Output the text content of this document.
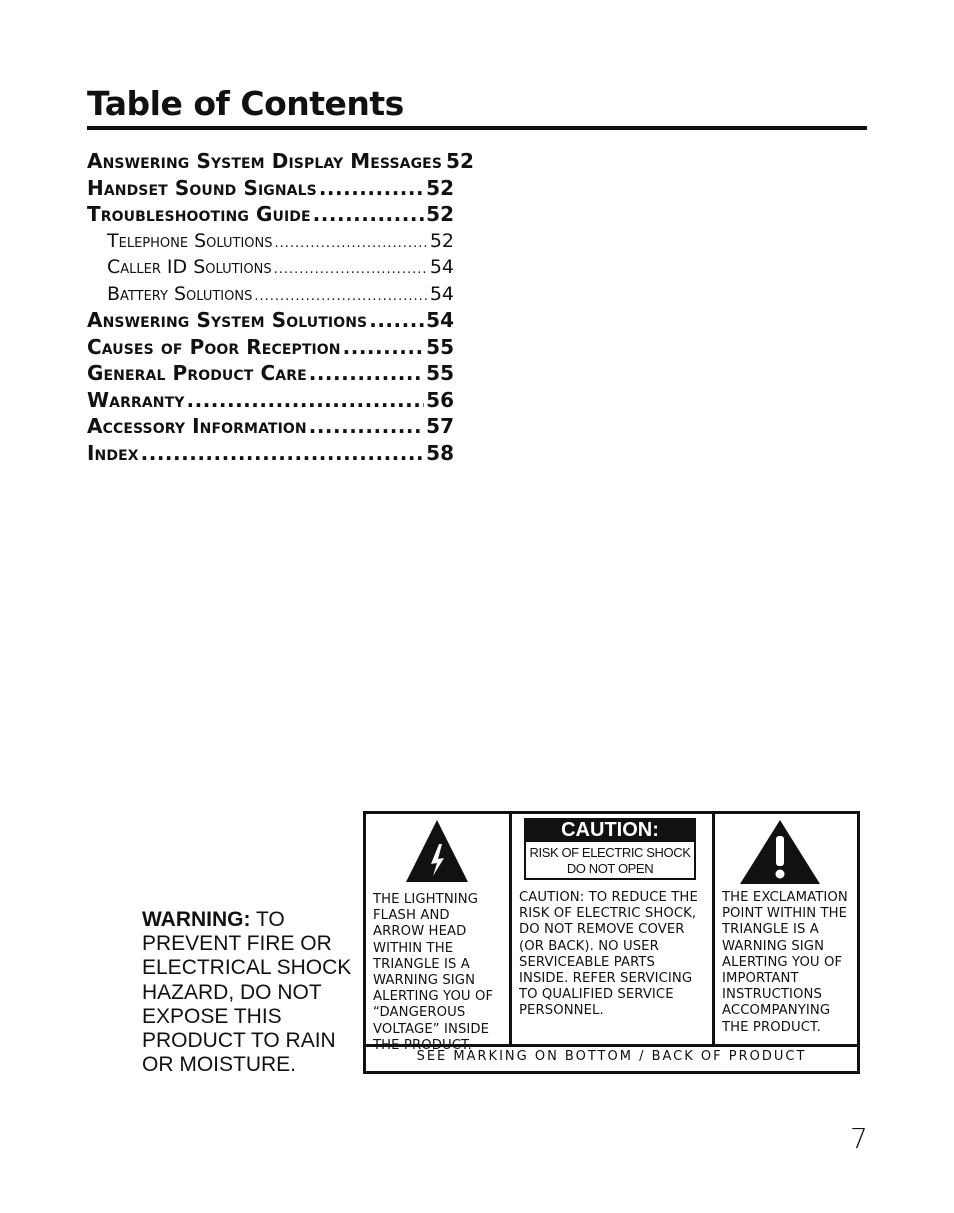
Table of Contents
Answering System Display Messages 52
Handset Sound Signals .....	52
Troubleshooting Guide .....	52
Telephone Solutions .....	52
Caller ID Solutions .....	54
Battery Solutions .....	54
Answering System Solutions .....	54
Causes of Poor Reception .....	55
General Product Care .....	55
Warranty .....	56
Accessory Information .....	57
Index .....	58
WARNING: TO PREVENT FIRE OR ELECTRICAL SHOCK HAZARD, DO NOT EXPOSE THIS PRODUCT TO RAIN OR MOISTURE.
THE LIGHTNING FLASH AND ARROW HEAD WITHIN THE TRIANGLE IS A WARNING SIGN ALERTING YOU OF “DANGEROUS VOLTAGE” INSIDE THE PRODUCT.
CAUTION:
RISK OF ELECTRIC SHOCK
DO NOT OPEN
CAUTION: TO REDUCE THE RISK OF ELECTRIC SHOCK, DO NOT REMOVE COVER (OR BACK). NO USER SERVICEABLE PARTS INSIDE. REFER SERVICING TO QUALIFIED SERVICE PERSONNEL.
THE EXCLAMATION POINT WITHIN THE TRIANGLE IS A WARNING SIGN ALERTING YOU OF IMPORTANT INSTRUCTIONS ACCOMPANYING THE PRODUCT.
SEE MARKING ON BOTTOM / BACK OF PRODUCT
7
